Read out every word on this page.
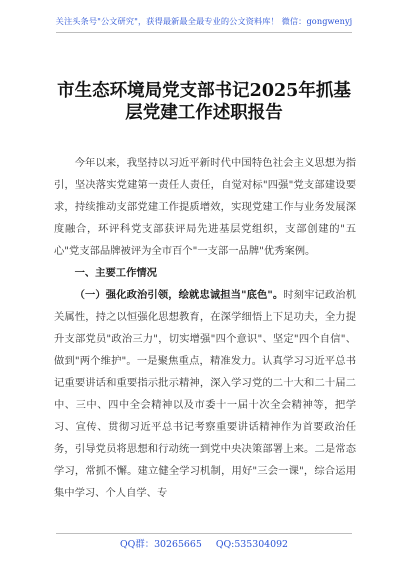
关注头条号"公文研究"，获得最新最全最专业的公文资料库！ 微信：gongwenyj
市生态环境局党支部书记2025年抓基
层党建工作述职报告

今年以来，我坚持以习近平新时代中国特色社会主义思想为指引，坚决落实党建第一责任人责任，自觉对标"四强"党支部建设要求，持续推动支部党建工作提质增效，实现党建工作与业务发展深度融合，环评科党支部获评局先进基层党组织，支部创建的"五心"党支部品牌被评为全市百个"一支部一品牌"优秀案例。

一、主要工作情况

（一）强化政治引领，绘就忠诚担当"底色"。时刻牢记政治机关属性，持之以恒强化思想教育，在深学细悟上下足功夫，全力提升支部党员"政治三力"，切实增强"四个意识"、坚定"四个自信"、做到"两个维护"。一是聚焦重点，精准发力。认真学习习近平总书记重要讲话和重要指示批示精神，深入学习党的二十大和二十届二中、三中、四中全会精神以及市委十一届十次全会精神等，把学习、宣传、贯彻习近平总书记考察重要讲话精神作为首要政治任务，引导党员将思想和行动统一到党中央决策部署上来。二是常态学习，常抓不懈。建立健全学习机制，用好"三会一课"，综合运用集中学习、个人自学、专

QQ群：30265665 QQ:535304092
